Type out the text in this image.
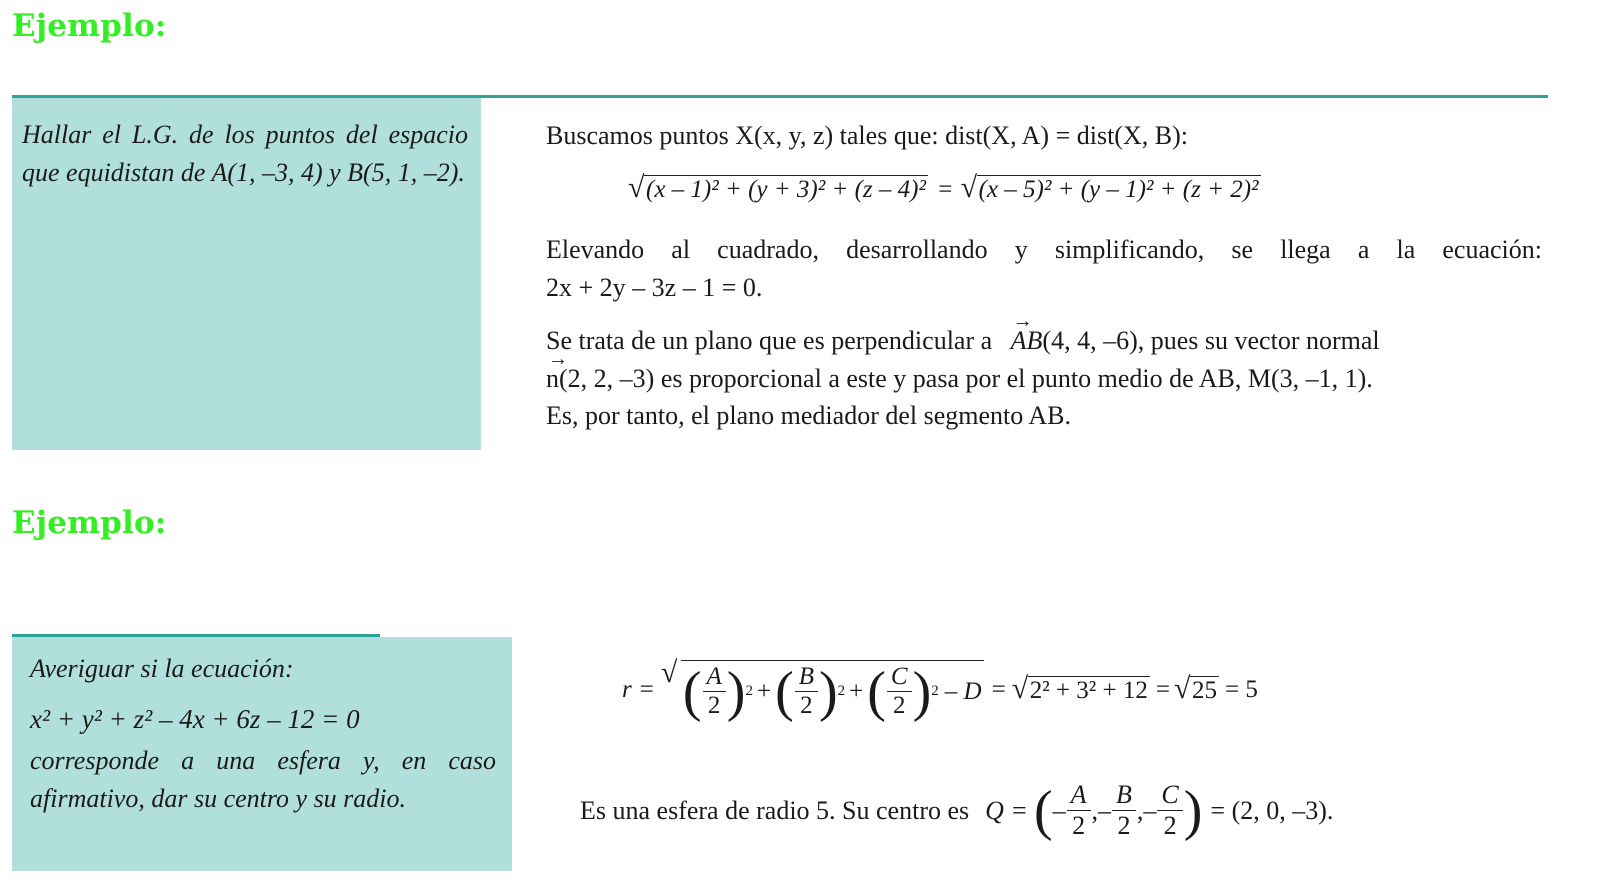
Ejemplo:
Hallar el L.G. de los puntos del espacio que equidistan de A(1, –3, 4) y B(5, 1, –2).
Buscamos puntos X(x, y, z) tales que: dist(X, A) = dist(X, B):
√ (x – 1)² + (y + 3)² + (z – 4)² = √ (x – 5)² + (y – 1)² + (z + 2)²
Elevando al cuadrado, desarrollando y simplificando, se llega a la ecuación:
2x + 2y – 3z – 1 = 0.
Se trata de un plano que es perpendicular a → AB(4, 4, –6), pues su vector normal
→ n(2, 2, –3) es proporcional a este y pasa por el punto medio de AB, M(3, –1, 1).
Es, por tanto, el plano mediador del segmento AB.
Ejemplo:
Averiguar si la ecuación:
x² + y² + z² – 4x + 6z – 12 = 0
corresponde a una esfera y, en caso afirmativo, dar su centro y su radio.
r = √ ( $\frac{A}{2}$ ) 2 + ( $\frac{B}{2}$ ) 2 + ( $\frac{C}{2}$ ) 2 – D = √ 2² + 3² + 12 = √ 25 = 5
Es una esfera de radio 5. Su centro es Q = ( – $\frac{A}{2}$ , – $\frac{B}{2}$ , – $\frac{C}{2}$ ) = (2, 0, –3).
